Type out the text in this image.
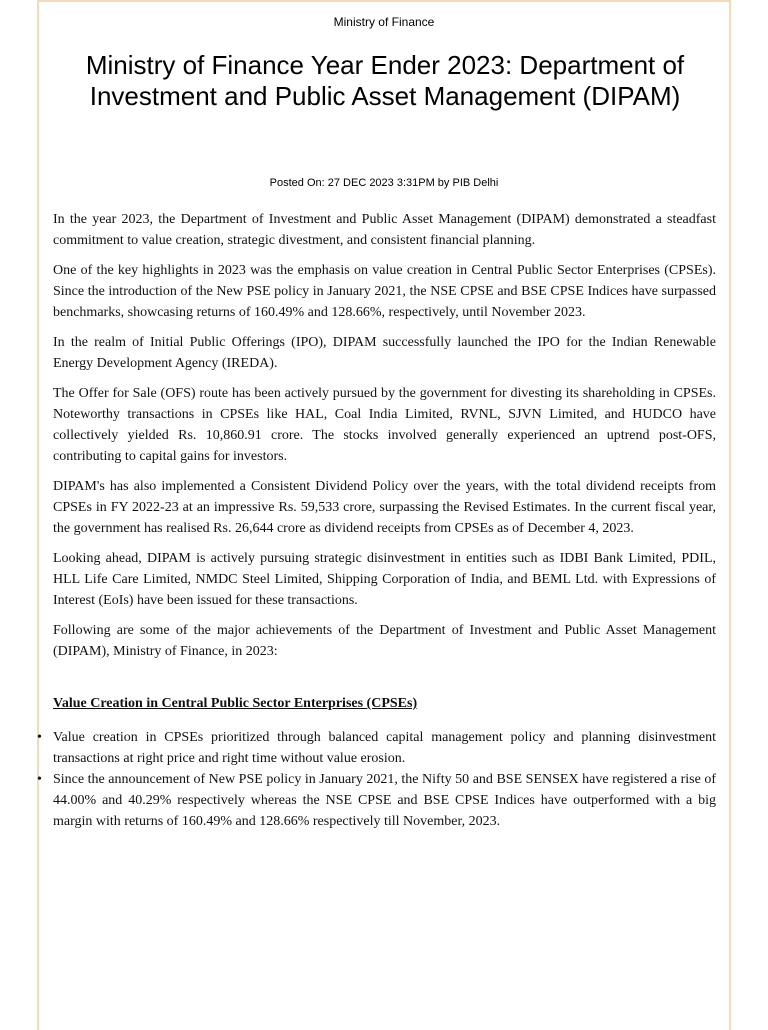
Ministry of Finance
Ministry of Finance Year Ender 2023: Department of Investment and Public Asset Management (DIPAM)
Posted On: 27 DEC 2023 3:31PM by PIB Delhi

In the year 2023, the Department of Investment and Public Asset Management (DIPAM) demonstrated a steadfast commitment to value creation, strategic divestment, and consistent financial planning.

One of the key highlights in 2023 was the emphasis on value creation in Central Public Sector Enterprises (CPSEs). Since the introduction of the New PSE policy in January 2021, the NSE CPSE and BSE CPSE Indices have surpassed benchmarks, showcasing returns of 160.49% and 128.66%, respectively, until November 2023.

In the realm of Initial Public Offerings (IPO), DIPAM successfully launched the IPO for the Indian Renewable Energy Development Agency (IREDA).

The Offer for Sale (OFS) route has been actively pursued by the government for divesting its shareholding in CPSEs. Noteworthy transactions in CPSEs like HAL, Coal India Limited, RVNL, SJVN Limited, and HUDCO have collectively yielded Rs. 10,860.91 crore. The stocks involved generally experienced an uptrend post-OFS, contributing to capital gains for investors.

DIPAM's has also implemented a Consistent Dividend Policy over the years, with the total dividend receipts from CPSEs in FY 2022-23 at an impressive Rs. 59,533 crore, surpassing the Revised Estimates. In the current fiscal year, the government has realised Rs. 26,644 crore as dividend receipts from CPSEs as of December 4, 2023.

Looking ahead, DIPAM is actively pursuing strategic disinvestment in entities such as IDBI Bank Limited, PDIL, HLL Life Care Limited, NMDC Steel Limited, Shipping Corporation of India, and BEML Ltd. with Expressions of Interest (EoIs) have been issued for these transactions.

Following are some of the major achievements of the Department of Investment and Public Asset Management (DIPAM), Ministry of Finance, in 2023:

Value Creation in Central Public Sector Enterprises (CPSEs)
• Value creation in CPSEs prioritized through balanced capital management policy and planning disinvestment transactions at right price and right time without value erosion.
• Since the announcement of New PSE policy in January 2021, the Nifty 50 and BSE SENSEX have registered a rise of 44.00% and 40.29% respectively whereas the NSE CPSE and BSE CPSE Indices have outperformed with a big margin with returns of 160.49% and 128.66% respectively till November, 2023.
